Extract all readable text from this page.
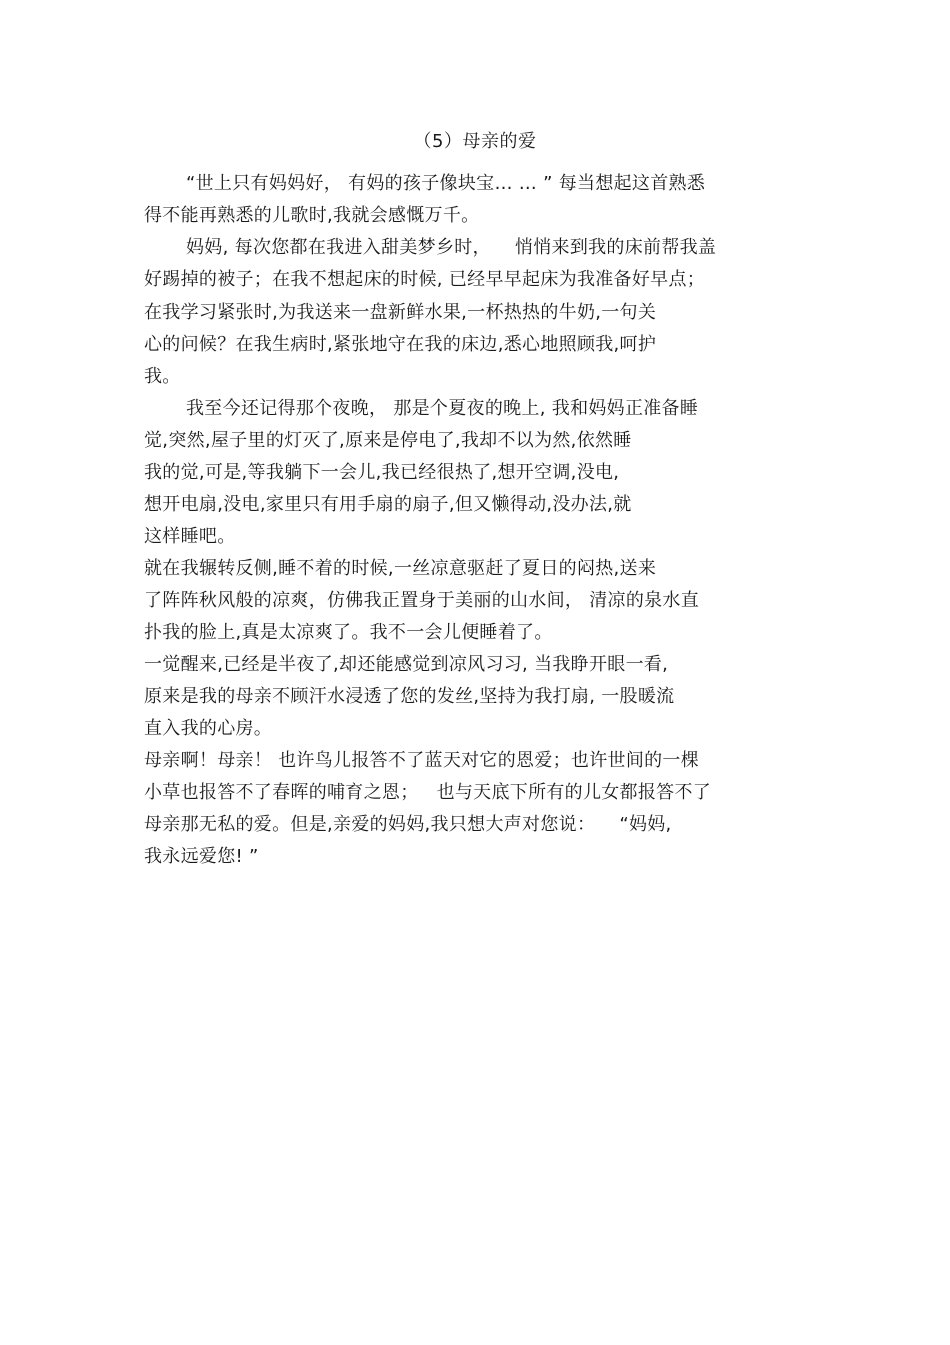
（5）母亲的爱
“世上只有妈妈好， 有妈的孩子像块宝… … ” 每当想起这首熟悉
得不能再熟悉的儿歌时,我就会感慨万千。
妈妈, 每次您都在我进入甜美梦乡时，    悄悄来到我的床前帮我盖
好踢掉的被子；在我不想起床的时候, 已经早早起床为我准备好早点；
在我学习紧张时,为我送来一盘新鲜水果,一杯热热的牛奶,一句关
心的问候？在我生病时,紧张地守在我的床边,悉心地照顾我,呵护
我。
我至今还记得那个夜晚， 那是个夏夜的晚上, 我和妈妈正准备睡
觉,突然,屋子里的灯灭了,原来是停电了,我却不以为然,依然睡
我的觉,可是,等我躺下一会儿,我已经很热了,想开空调,没电,
想开电扇,没电,家里只有用手扇的扇子,但又懒得动,没办法,就
这样睡吧。
就在我辗转反侧,睡不着的时候,一丝凉意驱赶了夏日的闷热,送来
了阵阵秋风般的凉爽，仿佛我正置身于美丽的山水间， 清凉的泉水直
扑我的脸上,真是太凉爽了。我不一会儿便睡着了。
一觉醒来,已经是半夜了,却还能感觉到凉风习习, 当我睁开眼一看,
原来是我的母亲不顾汗水浸透了您的发丝,坚持为我打扇, 一股暖流
直入我的心房。
母亲啊！母亲！ 也许鸟儿报答不了蓝天对它的恩爱；也许世间的一棵
小草也报答不了春晖的哺育之恩；   也与天底下所有的儿女都报答不了
母亲那无私的爱。但是,亲爱的妈妈,我只想大声对您说：    “妈妈,
我永远爱您! ”
